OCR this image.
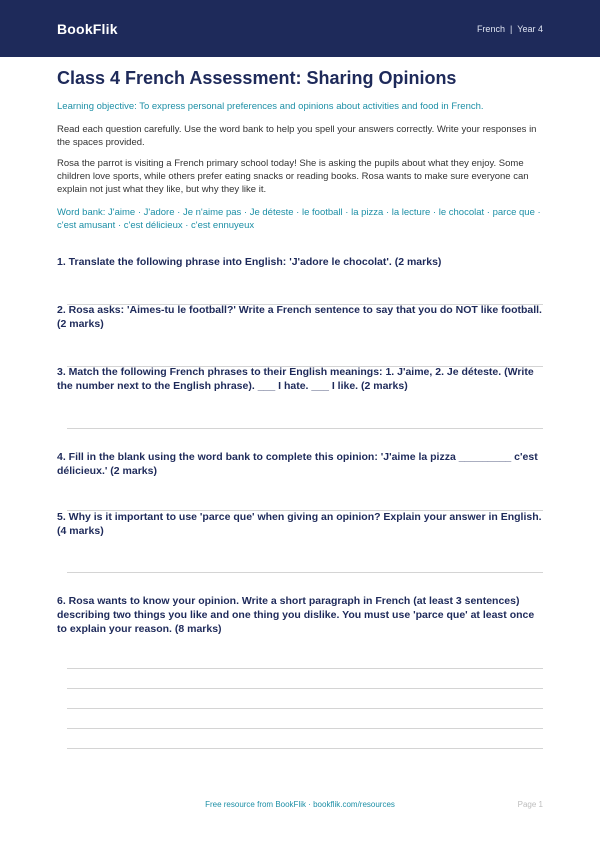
BookFlik	French | Year 4
Class 4 French Assessment: Sharing Opinions
Learning objective: To express personal preferences and opinions about activities and food in French.
Read each question carefully. Use the word bank to help you spell your answers correctly. Write your responses in the spaces provided.
Rosa the parrot is visiting a French primary school today! She is asking the pupils about what they enjoy. Some children love sports, while others prefer eating snacks or reading books. Rosa wants to make sure everyone can explain not just what they like, but why they like it.
Word bank: J'aime · J'adore · Je n'aime pas · Je déteste · le football · la pizza · la lecture · le chocolat · parce que · c'est amusant · c'est délicieux · c'est ennuyeux
1. Translate the following phrase into English: 'J'adore le chocolat'. (2 marks)
2. Rosa asks: 'Aimes-tu le football?' Write a French sentence to say that you do NOT like football. (2 marks)
3. Match the following French phrases to their English meanings: 1. J'aime, 2. Je déteste. (Write the number next to the English phrase). ___ I hate. ___ I like. (2 marks)
4. Fill in the blank using the word bank to complete this opinion: 'J'aime la pizza _________ c'est délicieux.' (2 marks)
5. Why is it important to use 'parce que' when giving an opinion? Explain your answer in English. (4 marks)
6. Rosa wants to know your opinion. Write a short paragraph in French (at least 3 sentences) describing two things you like and one thing you dislike. You must use 'parce que' at least once to explain your reason. (8 marks)
Free resource from BookFlik · bookflik.com/resources	Page 1
